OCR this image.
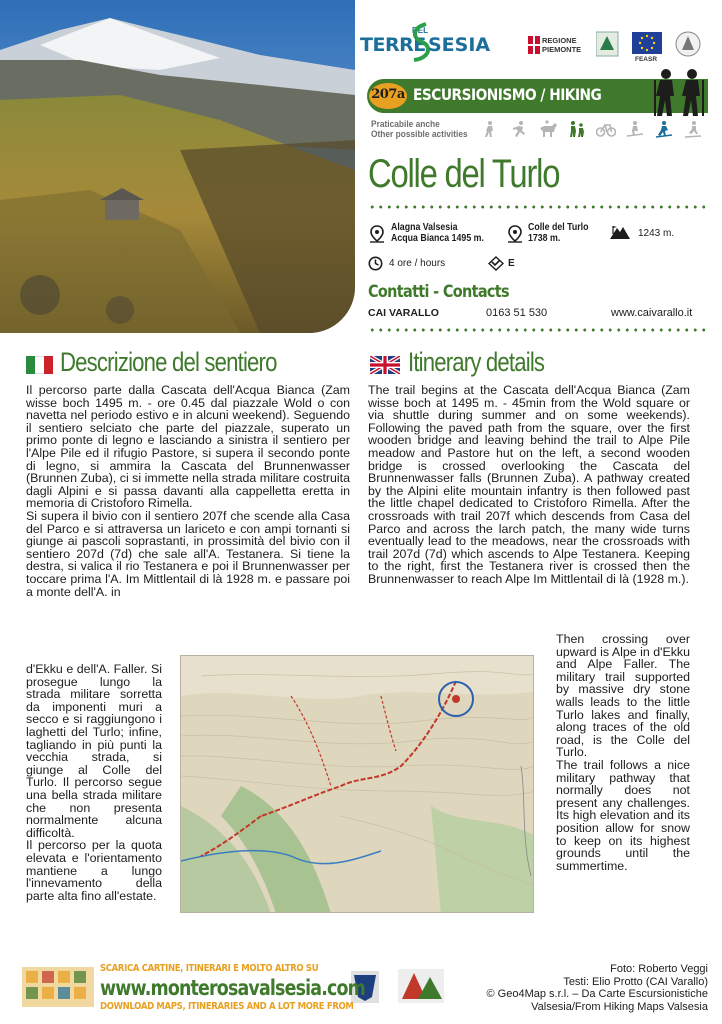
TERRE
DEL
SESIA	REGIONE
PIEMONTE
FEASR
207a ESCURSIONISMO / HIKING
Praticabile anche
Other possible activities
Colle del Turlo
Alagna Valsesia
Acqua Bianca 1495 m.
Colle del Turlo
1738 m.	1243 m.
4 ore / hours	E
Contatti - Contacts
CAI VARALLO	0163 51 530	www.caivarallo.it
Descrizione del sentiero	Itinerary details

Il percorso parte dalla Cascata dell'Acqua Bianca (Zam wisse boch 1495 m. - ore 0.45 dal piazzale Wold o con navetta nel periodo estivo e in alcuni weekend). Seguendo il sentiero selciato che parte del piazzale, superato un primo ponte di legno e lasciando a sinistra il sentiero per l'Alpe Pile ed il rifugio Pastore, si supera il secondo ponte di legno, si ammira la Cascata del Brunnenwasser (Brunnen Zuba), ci si immette nella strada militare costruita dagli Alpini e si passa davanti alla cappelletta eretta in memoria di Cristoforo Rimella.

Si supera il bivio con il sentiero 207f che scende alla Casa del Parco e si attraversa un lariceto e con ampi tornanti si giunge ai pascoli soprastanti, in prossimità del bivio con il sentiero 207d (7d) che sale all'A. Testanera. Si tiene la destra, si valica il rio Testanera e poi il Brunnenwasser per toccare prima l'A. Im Mittlentail di là 1928 m. e passare poi a monte dell'A. in

d'Ekku e dell'A. Faller. Si prosegue lungo la strada militare sorretta da imponenti muri a secco e si raggiungono i laghetti del Turlo; infine, tagliando in più punti la vecchia strada, si giunge al Colle del Turlo. Il percorso segue una bella strada militare che non presenta normalmente alcuna difficoltà.

Il percorso per la quota elevata e l'orientamento mantiene a lungo l'innevamento della parte alta fino all'estate.

The trail begins at the Cascata dell'Acqua Bianca (Zam wisse boch at 1495 m. - 45min from the Wold square or via shuttle during summer and on some weekends). Following the paved path from the square, over the first wooden bridge and leaving behind the trail to Alpe Pile meadow and Pastore hut on the left, a second wooden bridge is crossed overlooking the Cascata del Brunnenwasser falls (Brunnen Zuba). A pathway created by the Alpini elite mountain infantry is then followed past the little chapel dedicated to Cristoforo Rimella. After the crossroads with trail 207f which descends from Casa del Parco and across the larch patch, the many wide turns eventually lead to the meadows, near the crossroads with trail 207d (7d) which ascends to Alpe Testanera. Keeping to the right, first the Testanera river is crossed then the Brunnenwasser to reach Alpe Im Mittlentail di là (1928 m.).

Then crossing over upward is Alpe in d'Ekku and Alpe Faller. The military trail supported by massive dry stone walls leads to the little Turlo lakes and finally, along traces of the old road, is the Colle del Turlo.

The trail follows a nice military pathway that normally does not present any challenges. Its high elevation and its position allow for snow to keep on its highest grounds until the summertime.

SCARICA CARTINE, ITINERARI E MOLTO ALTRO SU
www.monterosavalsesia.com
DOWNLOAD MAPS, ITINERARIES AND A LOT MORE FROM
Foto: Roberto Veggi
Testi: Elio Protto (CAI Varallo)
© Geo4Map s.r.l. – Da Carte Escursionistiche
Valsesia/From Hiking Maps Valsesia
